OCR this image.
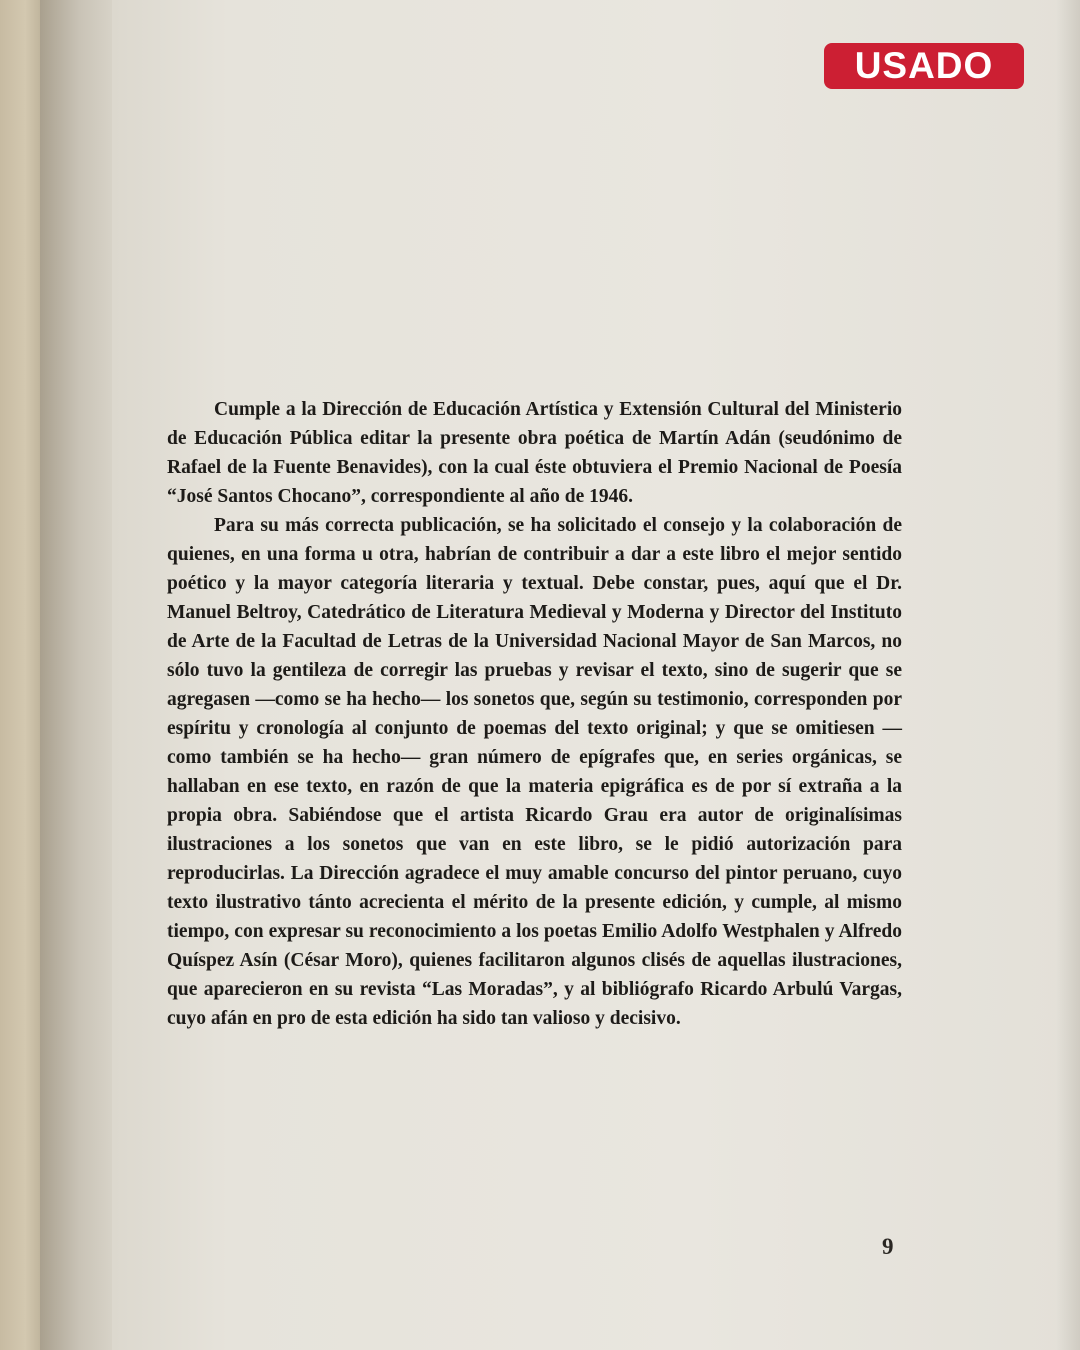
USADO

Cumple a la Dirección de Educación Artística y Extensión Cultural del Ministerio de Educación Pública editar la presente obra poética de Martín Adán (seudónimo de Rafael de la Fuente Benavides), con la cual éste obtuviera el Premio Nacional de Poesía “José Santos Chocano”, correspondiente al año de 1946.

Para su más correcta publicación, se ha solicitado el consejo y la colaboración de quienes, en una forma u otra, habrían de contribuir a dar a este libro el mejor sentido poético y la mayor categoría literaria y textual. Debe constar, pues, aquí que el Dr. Manuel Beltroy, Catedrático de Literatura Medieval y Moderna y Director del Instituto de Arte de la Facultad de Letras de la Universidad Nacional Mayor de San Marcos, no sólo tuvo la gentileza de corregir las pruebas y revisar el texto, sino de sugerir que se agregasen —como se ha hecho— los sonetos que, según su testimonio, corresponden por espíritu y cronología al conjunto de poemas del texto original; y que se omitiesen —como también se ha hecho— gran número de epígrafes que, en series orgánicas, se hallaban en ese texto, en razón de que la materia epigráfica es de por sí extraña a la propia obra. Sabiéndose que el artista Ricardo Grau era autor de originalísimas ilustraciones a los sonetos que van en este libro, se le pidió autorización para reproducirlas. La Dirección agradece el muy amable concurso del pintor peruano, cuyo texto ilustrativo tánto acrecienta el mérito de la presente edición, y cumple, al mismo tiempo, con expresar su reconocimiento a los poetas Emilio Adolfo Westphalen y Alfredo Quíspez Asín (César Moro), quienes facilitaron algunos clisés de aquellas ilustraciones, que aparecieron en su revista “Las Moradas”, y al bibliógrafo Ricardo Arbulú Vargas, cuyo afán en pro de esta edición ha sido tan valioso y decisivo.

9
